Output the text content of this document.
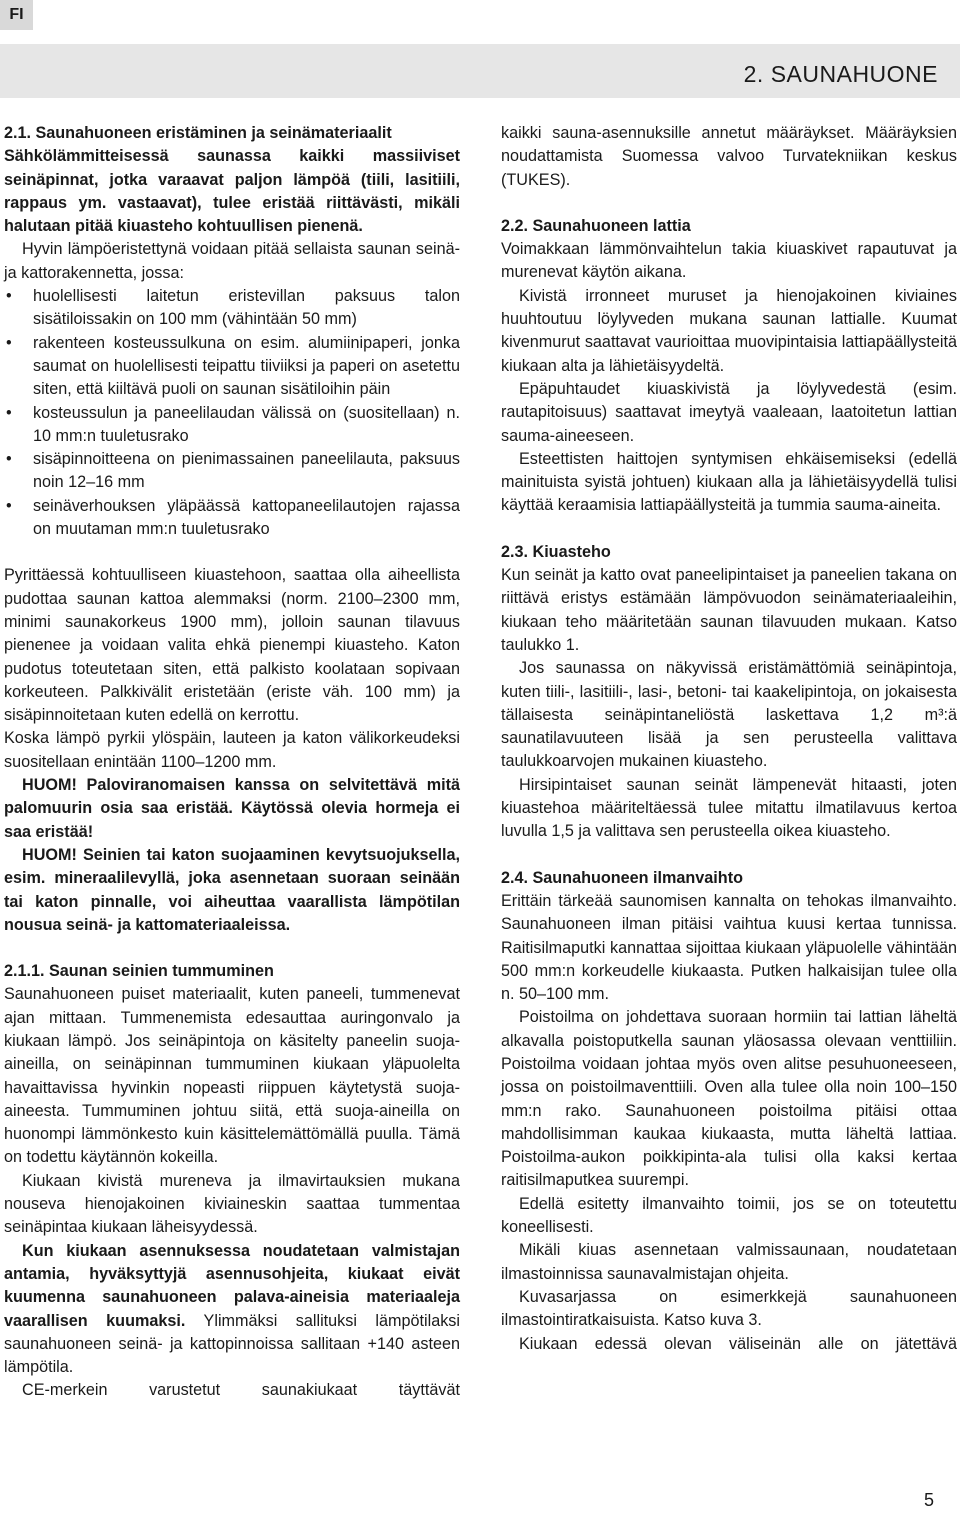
FI
2. SAUNAHUONE

2.1. Saunahuoneen eristäminen ja seinämateriaalit

Sähkölämmitteisessä saunassa kaikki massiiviset seinäpinnat, jotka varaavat paljon lämpöä (tiili, lasitiili, rappaus ym. vastaavat), tulee eristää riittävästi, mikäli halutaan pitää kiuasteho kohtuullisen pienenä.

Hyvin lämpöeristettynä voidaan pitää sellaista saunan seinä- ja kattorakennetta, jossa:

• huolellisesti laitetun eristevillan paksuus talon sisätiloissakin on 100 mm (vähintään 50 mm)
• rakenteen kosteussulkuna on esim. alumiinipaperi, jonka saumat on huolellisesti teipattu tiiviiksi ja paperi on asetettu siten, että kiiltävä puoli on saunan sisätiloihin päin
• kosteussulun ja paneelilaudan välissä on (suositellaan) n. 10 mm:n tuuletusrako
• sisäpinnoitteena on pienimassainen paneelilauta, paksuus noin 12–16 mm
• seinäverhouksen yläpäässä kattopaneelilautojen rajassa on muutaman mm:n tuuletusrako

Pyrittäessä kohtuulliseen kiuastehoon, saattaa olla aiheellista pudottaa saunan kattoa alemmaksi (norm. 2100–2300 mm, minimi saunakorkeus 1900 mm), jolloin saunan tilavuus pienenee ja voidaan valita ehkä pienempi kiuasteho. Katon pudotus toteutetaan siten, että palkisto koolataan sopivaan korkeuteen. Palkkivälit eristetään (eriste väh. 100 mm) ja sisäpinnoitetaan kuten edellä on kerrottu.

Koska lämpö pyrkii ylöspäin, lauteen ja katon välikorkeudeksi suositellaan enintään 1100–1200 mm.

HUOM! Paloviranomaisen kanssa on selvitettävä mitä palomuurin osia saa eristää. Käytössä olevia hormeja ei saa eristää!

HUOM! Seinien tai katon suojaaminen kevytsuojuksella, esim. mineraalilevyllä, joka asennetaan suoraan seinään tai katon pinnalle, voi aiheuttaa vaarallista lämpötilan nousua seinä- ja kattomateriaaleissa.

2.1.1. Saunan seinien tummuminen

Saunahuoneen puiset materiaalit, kuten paneeli, tummenevat ajan mittaan. Tummenemista edesauttaa auringonvalo ja kiukaan lämpö. Jos seinäpintoja on käsitelty paneelin suoja-aineilla, on seinäpinnan tummuminen kiukaan yläpuolelta havaittavissa hyvinkin nopeasti riippuen käytetystä suoja-aineesta. Tummuminen johtuu siitä, että suoja-aineilla on huonompi lämmönkesto kuin käsittelemättömällä puulla. Tämä on todettu käytännön kokeilla.

Kiukaan kivistä mureneva ja ilmavirtauksien mukana nouseva hienojakoinen kiviaineskin saattaa tummentaa seinäpintaa kiukaan läheisyydessä.

Kun kiukaan asennuksessa noudatetaan valmistajan antamia, hyväksyttyjä asennusohjeita, kiukaat eivät kuumenna saunahuoneen palava-aineisia materiaaleja vaarallisen kuumaksi. Ylimmäksi sallituksi lämpötilaksi saunahuoneen seinä- ja kattopinnoissa sallitaan +140 asteen lämpötila.

CE-merkein varustetut saunakiukaat täyttävät

kaikki sauna-asennuksille annetut määräykset. Määräyksien noudattamista Suomessa valvoo Turvatekniikan keskus (TUKES).

2.2. Saunahuoneen lattia

Voimakkaan lämmönvaihtelun takia kiuaskivet rapautuvat ja murenevat käytön aikana.

Kivistä irronneet muruset ja hienojakoinen kiviaines huuhtoutuu löylyveden mukana saunan lattialle. Kuumat kivenmurut saattavat vaurioittaa muovipintaisia lattiapäällysteitä kiukaan alta ja lähietäisyydeltä.

Epäpuhtaudet kiuaskivistä ja löylyvedestä (esim. rautapitoisuus) saattavat imeytyä vaaleaan, laatoitetun lattian sauma-aineeseen.

Esteettisten haittojen syntymisen ehkäisemiseksi (edellä mainituista syistä johtuen) kiukaan alla ja lähietäisyydellä tulisi käyttää keraamisia lattiapäällysteitä ja tummia sauma-aineita.

2.3. Kiuasteho

Kun seinät ja katto ovat paneelipintaiset ja paneelien takana on riittävä eristys estämään lämpövuodon seinämateriaaleihin, kiukaan teho määritetään saunan tilavuuden mukaan. Katso taulukko 1.

Jos saunassa on näkyvissä eristämättömiä seinäpintoja, kuten tiili-, lasitiili-, lasi-, betoni- tai kaakelipintoja, on jokaisesta tällaisesta seinäpintaneliöstä laskettava 1,2 m³:ä saunatilavuuteen lisää ja sen perusteella valittava taulukkoarvojen mukainen kiuasteho.

Hirsipintaiset saunan seinät lämpenevät hitaasti, joten kiuastehoa määriteltäessä tulee mitattu ilmatilavuus kertoa luvulla 1,5 ja valittava sen perusteella oikea kiuasteho.

2.4. Saunahuoneen ilmanvaihto

Erittäin tärkeää saunomisen kannalta on tehokas ilmanvaihto. Saunahuoneen ilman pitäisi vaihtua kuusi kertaa tunnissa. Raitisilmaputki kannattaa sijoittaa kiukaan yläpuolelle vähintään 500 mm:n korkeudelle kiukaasta. Putken halkaisijan tulee olla n. 50–100 mm.

Poistoilma on johdettava suoraan hormiin tai lattian läheltä alkavalla poistoputkella saunan yläosassa olevaan venttiiliin. Poistoilma voidaan johtaa myös oven alitse pesuhuoneeseen, jossa on poistoilmaventtiili. Oven alla tulee olla noin 100–150 mm:n rako. Saunahuoneen poistoilma pitäisi ottaa mahdollisimman kaukaa kiukaasta, mutta läheltä lattiaa. Poistoilma-aukon poikkipinta-ala tulisi olla kaksi kertaa raitisilmaputkea suurempi.

Edellä esitetty ilmanvaihto toimii, jos se on toteutettu koneellisesti.

Mikäli kiuas asennetaan valmissaunaan, noudatetaan ilmastoinnissa saunavalmistajan ohjeita.

Kuvasarjassa on esimerkkejä saunahuoneen ilmastointiratkaisuista. Katso kuva 3.

Kiukaan edessä olevan väliseinän alle on jätettävä

5
